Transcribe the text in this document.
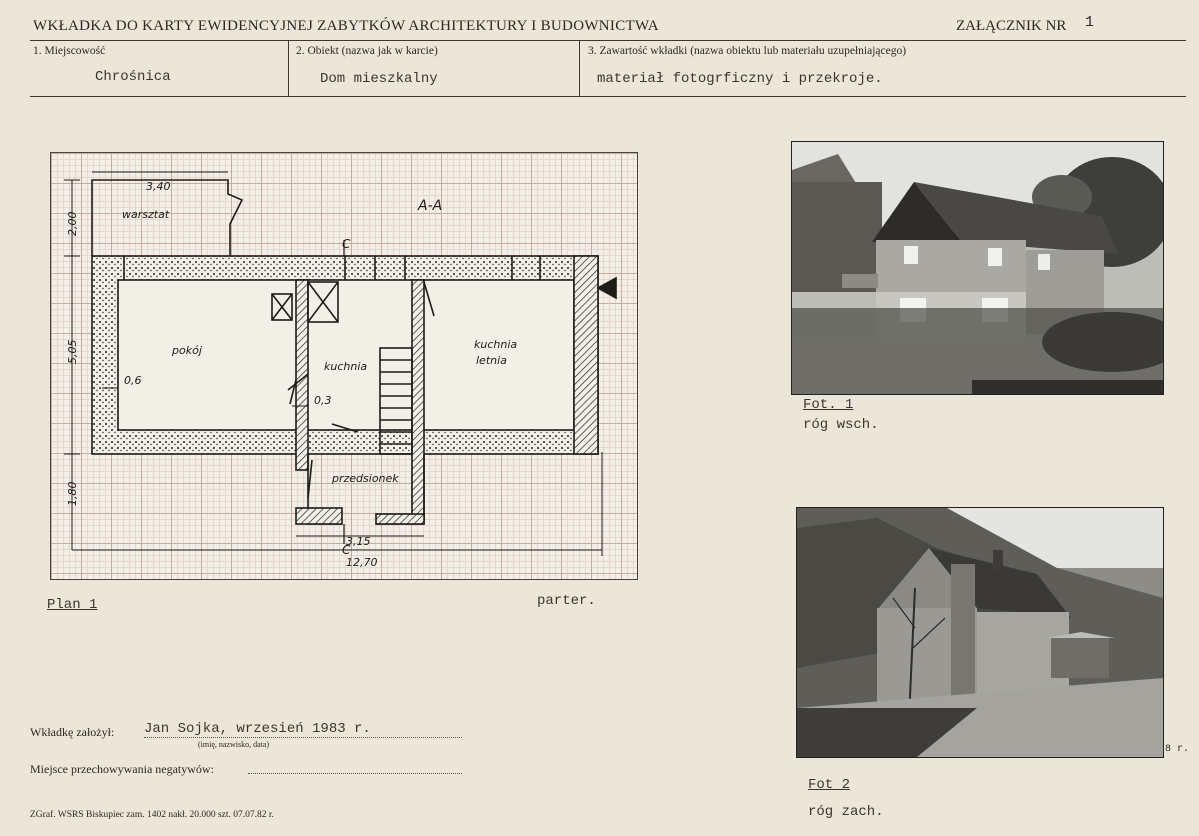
WKŁADKA DO KARTY EWIDENCYJNEJ ZABYTKÓW ARCHITEKTURY I BUDOWNICTWA	ZAŁĄCZNIK NR 1
1. Miejscowość
Chrośnica
2. Obiekt (nazwa jak w karcie)
Dom mieszkalny
3. Zawartość wkładki (nazwa obiektu lub materiału uzupełniającego)
materiał fotogrficzny i przekroje.
3,40
2,00
5,05
1,80
0,6
0,3
3,15
12,70
A-A
C
C
warsztat
pokój
kuchnia
kuchnia
letnia
przedsionek
Plan 1	parter.
Fot. 1
róg wsch.
8 r.
Fot 2
róg zach.
Wkładkę założył: Jan Sojka, wrzesień 1983 r.
(imię, nazwisko, data)
Miejsce przechowywania negatywów:
ZGraf. WSRS Biskupiec zam. 1402 nakł. 20.000 szt. 07.07.82 r.
